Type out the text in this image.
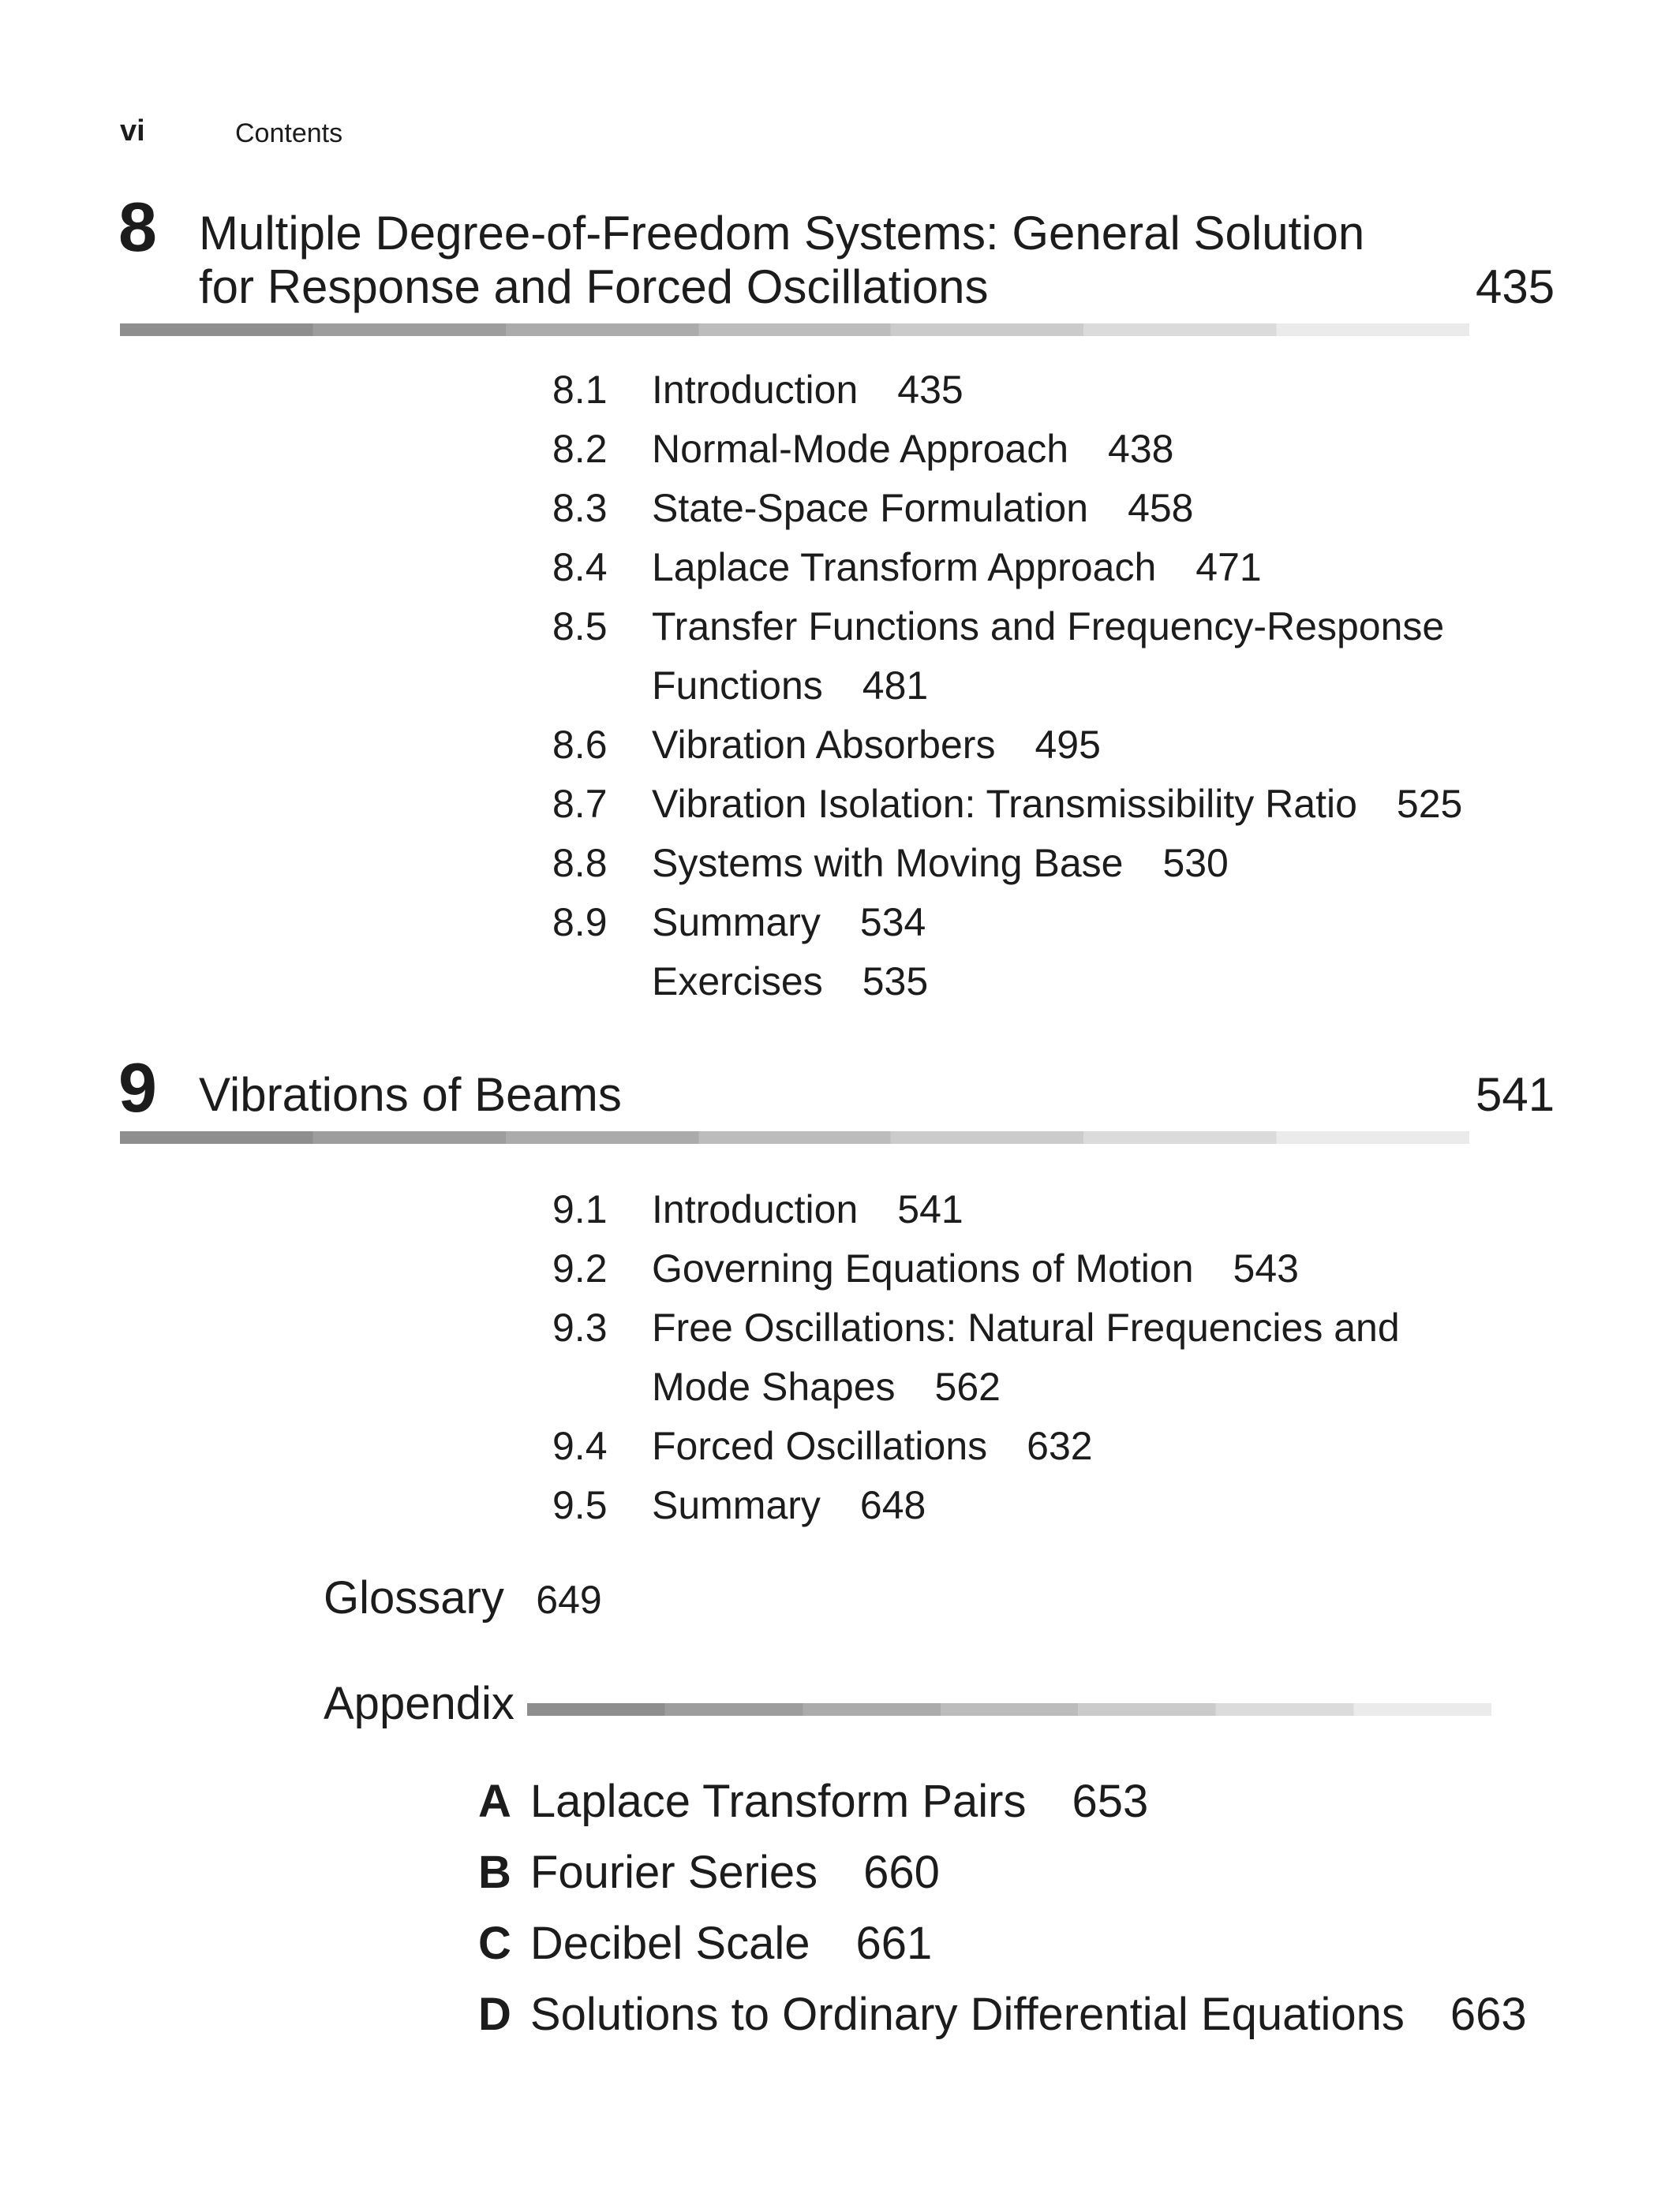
vi	Contents
8 Multiple Degree-of-Freedom Systems: General Solution
for Response and Forced Oscillations	435
8.1 Introduction 435
8.2 Normal-Mode Approach 438
8.3 State-Space Formulation 458
8.4 Laplace Transform Approach 471
8.5 Transfer Functions and Frequency-Response
Functions 481
8.6 Vibration Absorbers 495
8.7 Vibration Isolation: Transmissibility Ratio 525
8.8 Systems with Moving Base 530
8.9 Summary 534
Exercises 535
9 Vibrations of Beams	541
9.1 Introduction 541
9.2 Governing Equations of Motion 543
9.3 Free Oscillations: Natural Frequencies and
Mode Shapes 562
9.4 Forced Oscillations 632
9.5 Summary 648
Glossary 649
Appendix
A Laplace Transform Pairs 653
B Fourier Series 660
C Decibel Scale 661
D Solutions to Ordinary Differential Equations 663
